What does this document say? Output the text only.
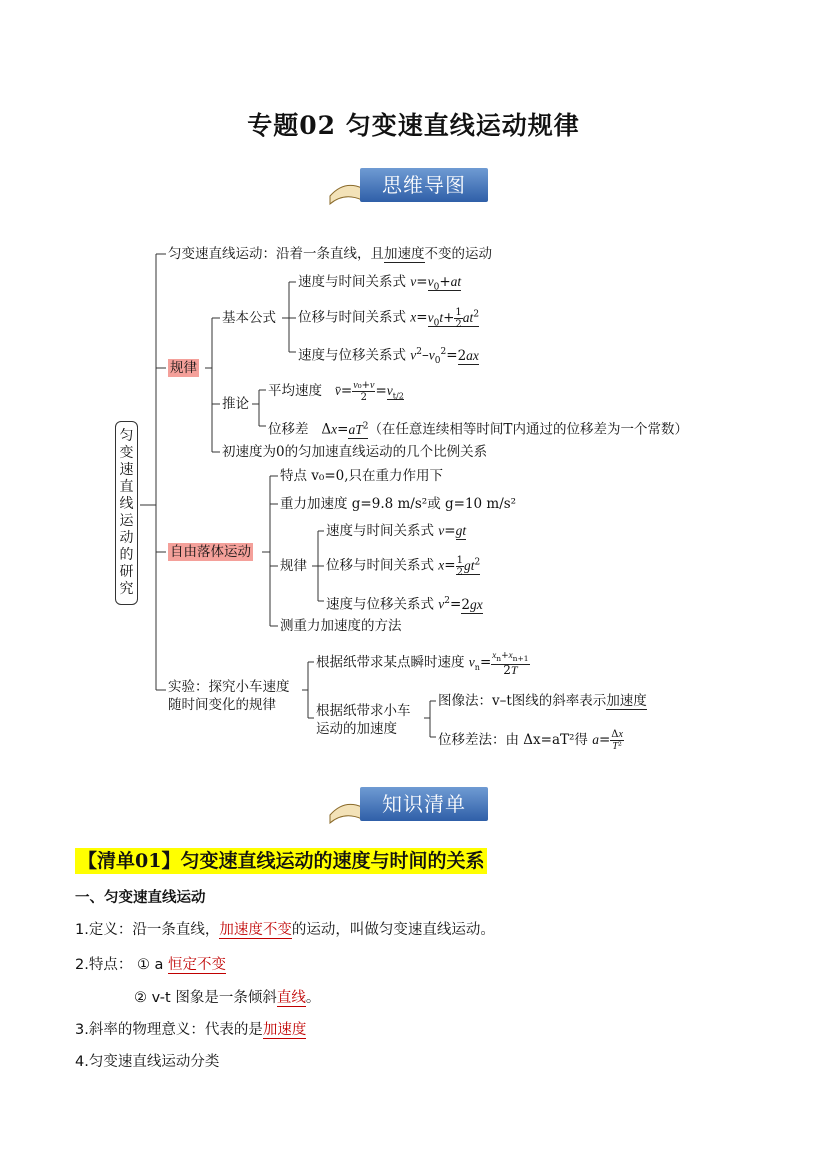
专题02 匀变速直线运动规律
思维导图
匀变速直线运动的研究
匀变速直线运动：沿着一条直线，且加速度不变的运动
规律
基本公式
速度与时间关系式 $v=v_0+at$
位移与时间关系式 $x=v_0t+ \frac{1}{2} at^2$
速度与位移关系式 $v^2-v_0^2=2ax$
推论
平均速度 v̄= $\frac{\text{v₀+v}}{2} =v_{t/2}$
位移差   $\Delta x=aT^2$（在任意连续相等时间T内通过的位移差为一个常数）
初速度为0的匀加速直线运动的几个比例关系
自由落体运动
特点 v₀=0,只在重力作用下
重力加速度 g=9.8 m/s²或 g=10 m/s²
规律
速度与时间关系式 v=gt
位移与时间关系式 $x= \frac{1}{2} gt^2$
速度与位移关系式 $v^2=2gx$
测重力加速度的方法
实验：探究小车速度
随时间变化的规律
根据纸带求某点瞬时速度 $v_n= \frac{x_n+x_{n+1}}{2T}$
根据纸带求小车
运动的加速度
图像法：v–t图线的斜率表示加速度
位移差法：由 Δx=aT²得 $a= \frac{\Delta x}{\text{T²}}$
知识清单
【清单01】匀变速直线运动的速度与时间的关系
一、匀变速直线运动
1.定义：沿一条直线，加速度不变的运动，叫做匀变速直线运动。
2.特点： ① a 恒定不变
② v-t 图象是一条倾斜直线。
3.斜率的物理意义：代表的是加速度
4.匀变速直线运动分类
